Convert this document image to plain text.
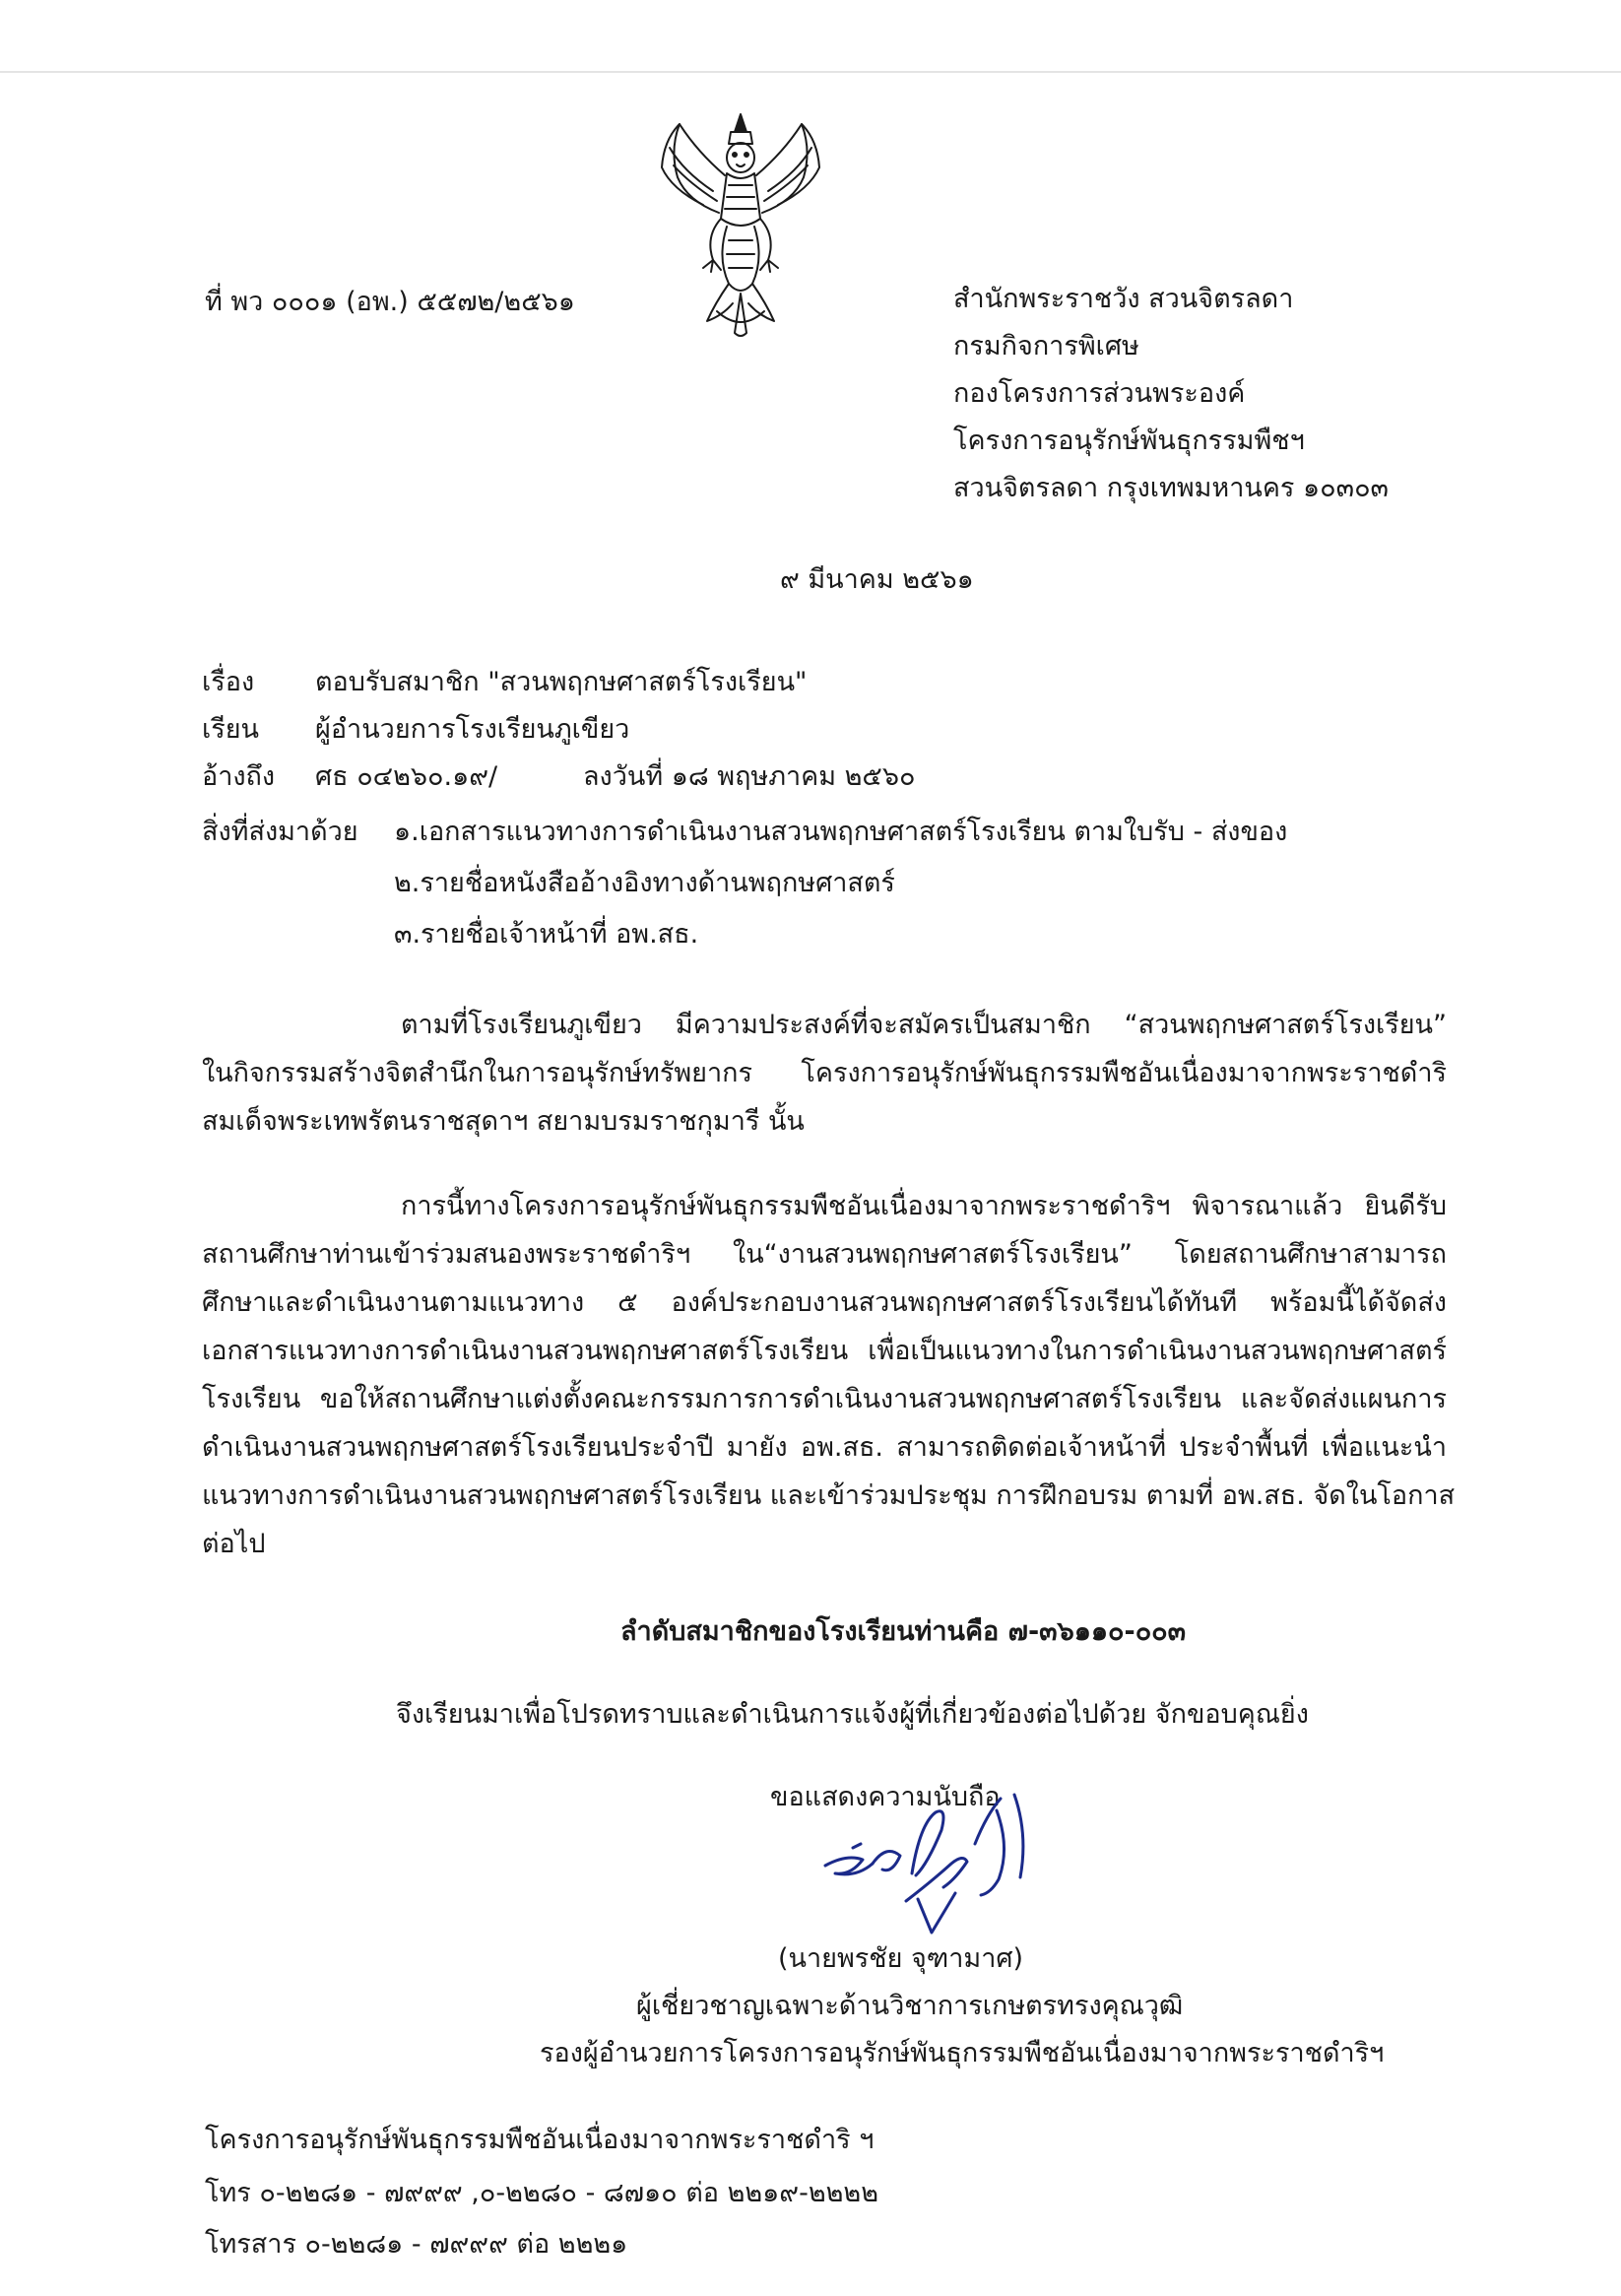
ที่ พว ๐๐๐๑ (อพ.) ๕๕๗๒/๒๕๖๑	สำนักพระราชวัง สวนจิตรลดา
กรมกิจการพิเศษ
กองโครงการส่วนพระองค์
โครงการอนุรักษ์พันธุกรรมพืชฯ
สวนจิตรลดา กรุงเทพมหานคร ๑๐๓๐๓
๙ มีนาคม ๒๕๖๑
เรื่อง ตอบรับสมาชิก "สวนพฤกษศาสตร์โรงเรียน"
เรียน ผู้อำนวยการโรงเรียนภูเขียว
อ้างถึง ศธ ๐๔๒๖๐.๑๙/	ลงวันที่ ๑๘ พฤษภาคม ๒๕๖๐
สิ่งที่ส่งมาด้วย ๑.เอกสารแนวทางการดำเนินงานสวนพฤกษศาสตร์โรงเรียน ตามใบรับ - ส่งของ
๒.รายชื่อหนังสืออ้างอิงทางด้านพฤกษศาสตร์
๓.รายชื่อเจ้าหน้าที่ อพ.สธ.
ตามที่โรงเรียนภูเขียว มีความประสงค์ที่จะสมัครเป็นสมาชิก “สวนพฤกษศาสตร์โรงเรียน”
ในกิจกรรมสร้างจิตสำนึกในการอนุรักษ์ทรัพยากร โครงการอนุรักษ์พันธุกรรมพืชอันเนื่องมาจากพระราชดำริ
สมเด็จพระเทพรัตนราชสุดาฯ สยามบรมราชกุมารี นั้น
การนี้ทางโครงการอนุรักษ์พันธุกรรมพืชอันเนื่องมาจากพระราชดำริฯ พิจารณาแล้ว ยินดีรับ
สถานศึกษาท่านเข้าร่วมสนองพระราชดำริฯ ใน“งานสวนพฤกษศาสตร์โรงเรียน” โดยสถานศึกษาสามารถ
ศึกษาและดำเนินงานตามแนวทาง ๕ องค์ประกอบงานสวนพฤกษศาสตร์โรงเรียนได้ทันที พร้อมนี้ได้จัดส่ง
เอกสารแนวทางการดำเนินงานสวนพฤกษศาสตร์โรงเรียน เพื่อเป็นแนวทางในการดำเนินงานสวนพฤกษศาสตร์
โรงเรียน ขอให้สถานศึกษาแต่งตั้งคณะกรรมการการดำเนินงานสวนพฤกษศาสตร์โรงเรียน และจัดส่งแผนการ
ดำเนินงานสวนพฤกษศาสตร์โรงเรียนประจำปี มายัง อพ.สธ. สามารถติดต่อเจ้าหน้าที่ ประจำพื้นที่ เพื่อแนะนำ
แนวทางการดำเนินงานสวนพฤกษศาสตร์โรงเรียน และเข้าร่วมประชุม การฝึกอบรม ตามที่ อพ.สธ. จัดในโอกาส
ต่อไป
ลำดับสมาชิกของโรงเรียนท่านคือ ๗-๓๖๑๑๐-๐๐๓
จึงเรียนมาเพื่อโปรดทราบและดำเนินการแจ้งผู้ที่เกี่ยวข้องต่อไปด้วย จักขอบคุณยิ่ง
ขอแสดงความนับถือ
(นายพรชัย จุฑามาศ)
ผู้เชี่ยวชาญเฉพาะด้านวิชาการเกษตรทรงคุณวุฒิ
รองผู้อำนวยการโครงการอนุรักษ์พันธุกรรมพืชอันเนื่องมาจากพระราชดำริฯ
โครงการอนุรักษ์พันธุกรรมพืชอันเนื่องมาจากพระราชดำริ ฯ
โทร ๐-๒๒๘๑ - ๗๙๙๙ ,๐-๒๒๘๐ - ๘๗๑๐ ต่อ ๒๒๑๙-๒๒๒๒
โทรสาร ๐-๒๒๘๑ - ๗๙๙๙ ต่อ ๒๒๒๑
